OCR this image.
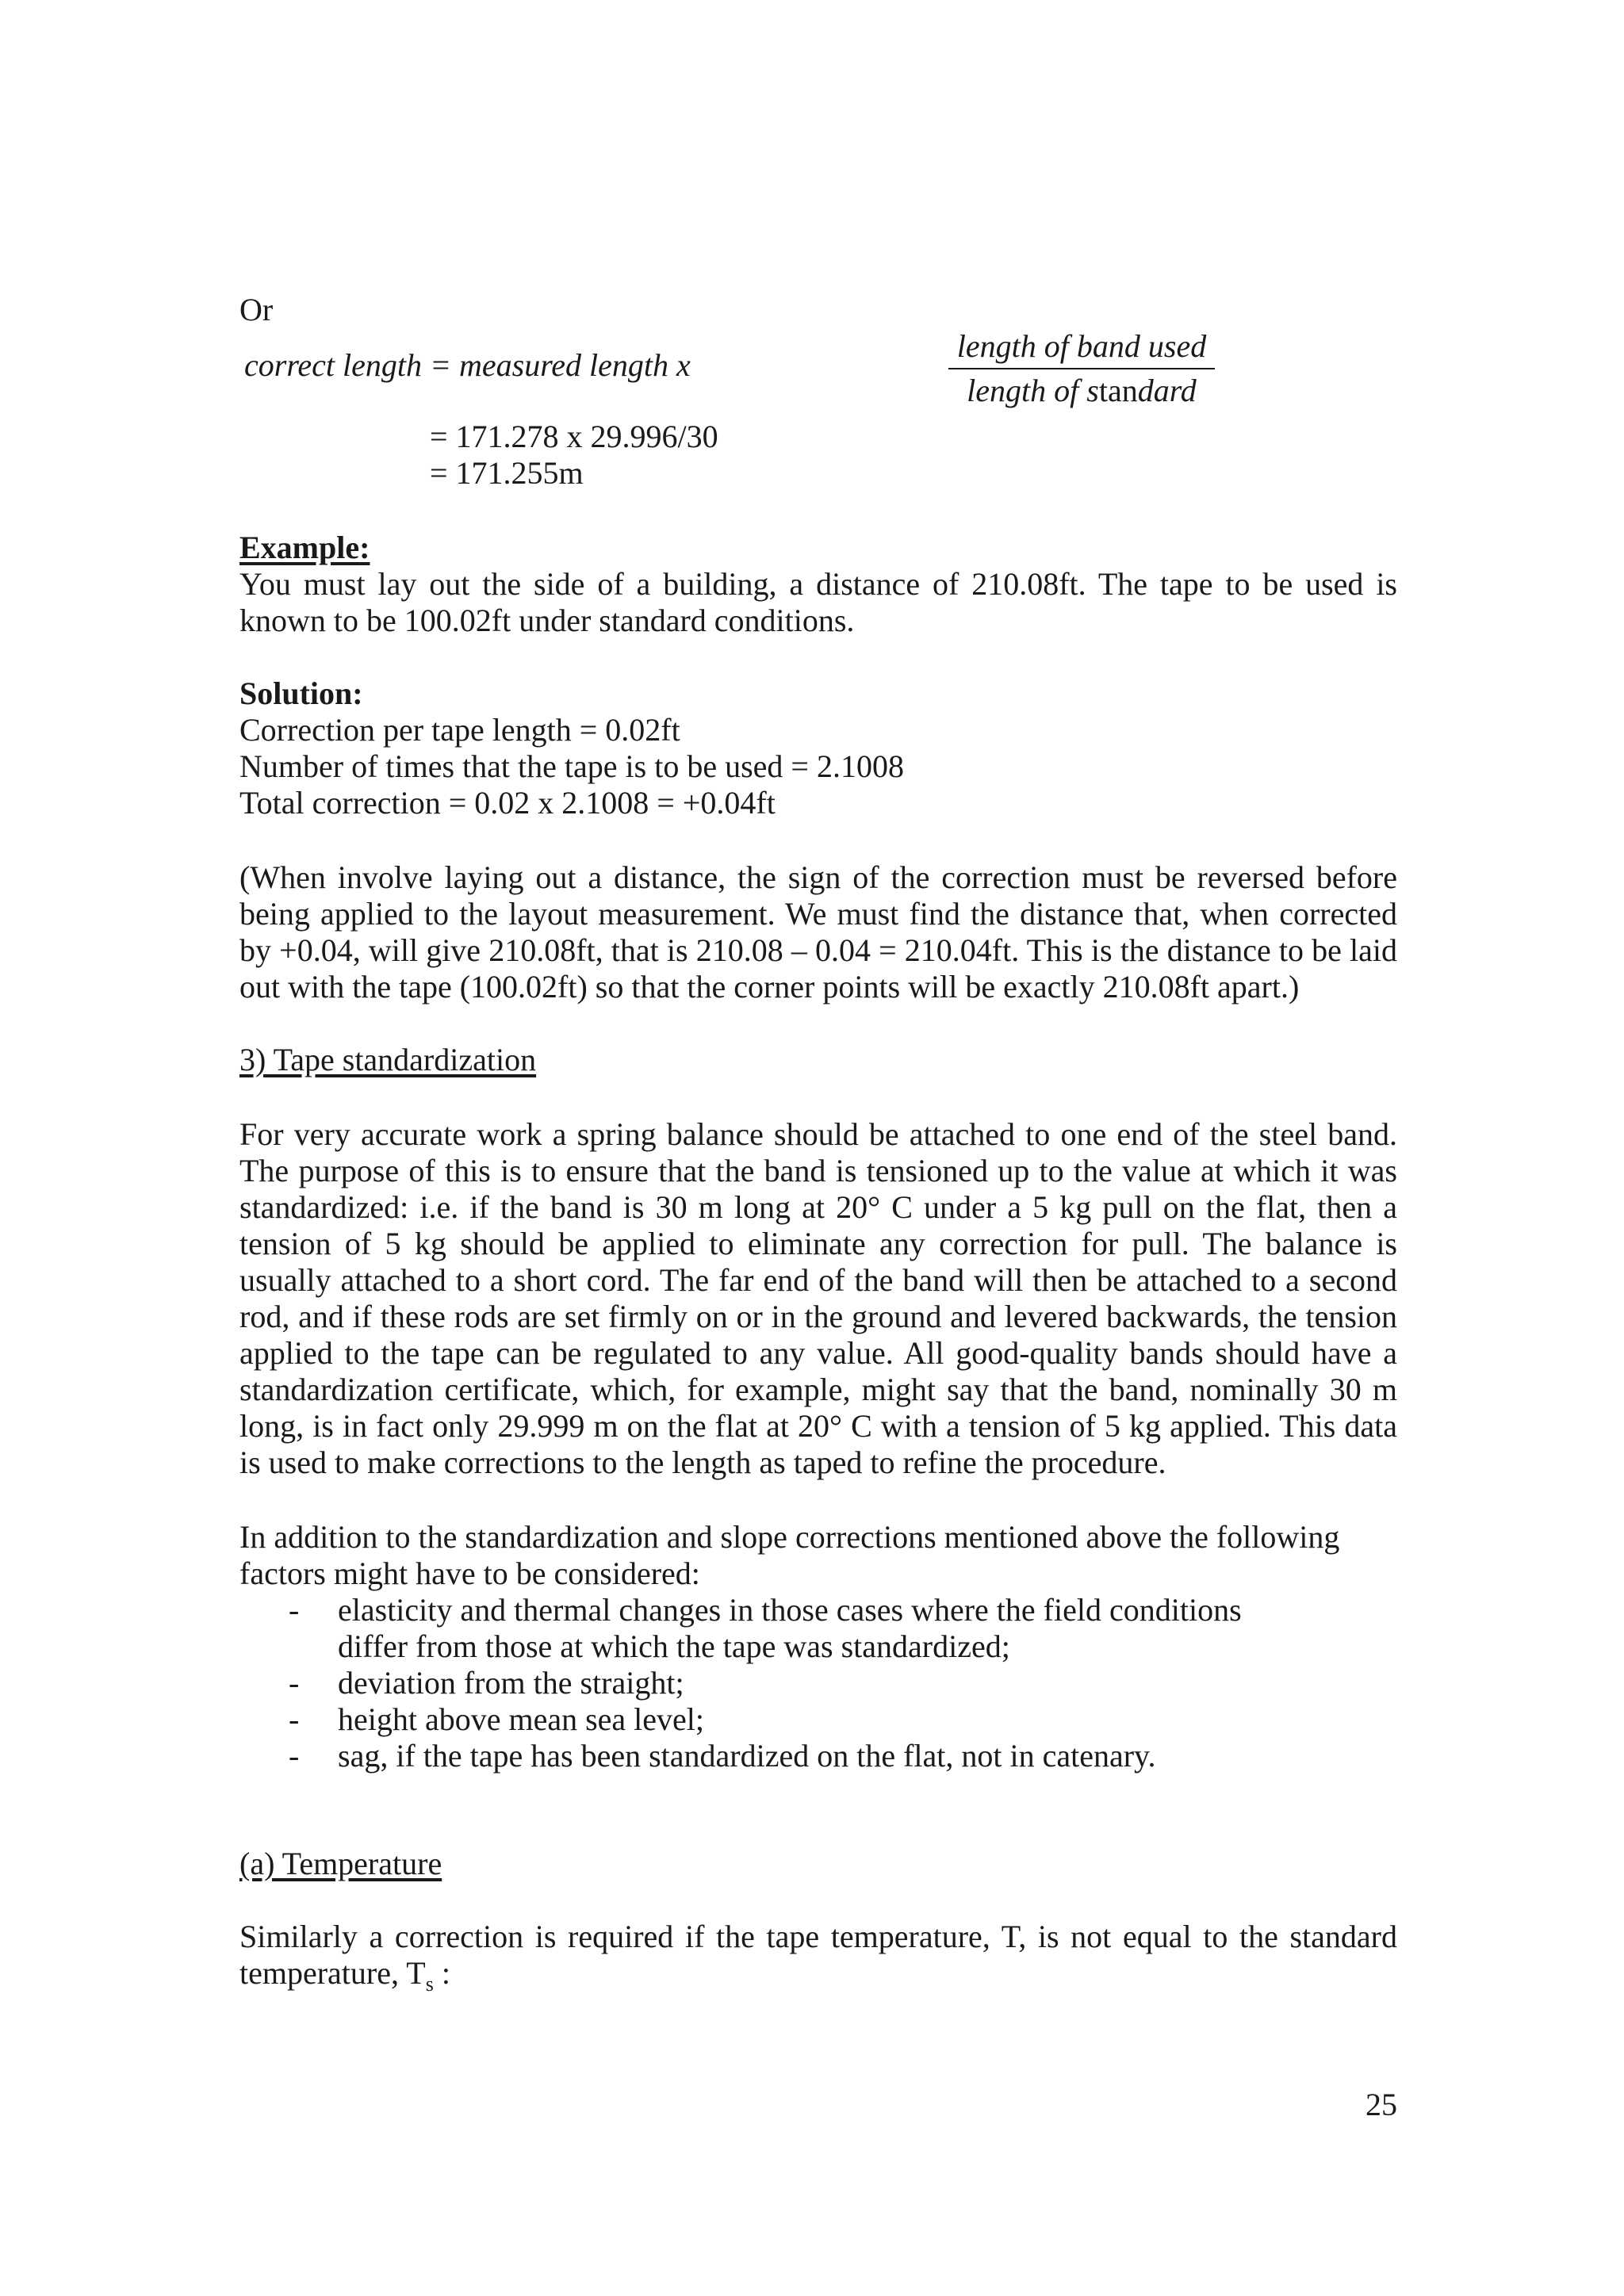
Or
correct length = measured length x
length of band used
length of standard
= 171.278 x 29.996/30
= 171.255m
Example:
You must lay out the side of a building, a distance of 210.08ft. The tape to be used is known to be 100.02ft under standard conditions.
Solution:
Correction per tape length = 0.02ft
Number of times that the tape is to be used = 2.1008
Total correction = 0.02 x 2.1008 = +0.04ft
(When involve laying out a distance, the sign of the correction must be reversed before being applied to the layout measurement. We must find the distance that, when corrected by +0.04, will give 210.08ft, that is 210.08 – 0.04 = 210.04ft. This is the distance to be laid out with the tape (100.02ft) so that the corner points will be exactly 210.08ft apart.)
3) Tape standardization
For very accurate work a spring balance should be attached to one end of the steel band. The purpose of this is to ensure that the band is tensioned up to the value at which it was standardized: i.e. if the band is 30 m long at 20° C under a 5 kg pull on the flat, then a tension of 5 kg should be applied to eliminate any correction for pull. The balance is usually attached to a short cord. The far end of the band will then be attached to a second rod, and if these rods are set firmly on or in the ground and levered backwards, the tension applied to the tape can be regulated to any value. All good-quality bands should have a standardization certificate, which, for example, might say that the band, nominally 30 m long, is in fact only 29.999 m on the flat at 20° C with a tension of 5 kg applied. This data is used to make corrections to the length as taped to refine the procedure.
In addition to the standardization and slope corrections mentioned above the following factors might have to be considered:
- elasticity and thermal changes in those cases where the field conditions differ from those at which the tape was standardized;
- deviation from the straight;
- height above mean sea level;
- sag, if the tape has been standardized on the flat, not in catenary.
(a) Temperature
Similarly a correction is required if the tape temperature, T, is not equal to the standard temperature, $T_s$ :
25
